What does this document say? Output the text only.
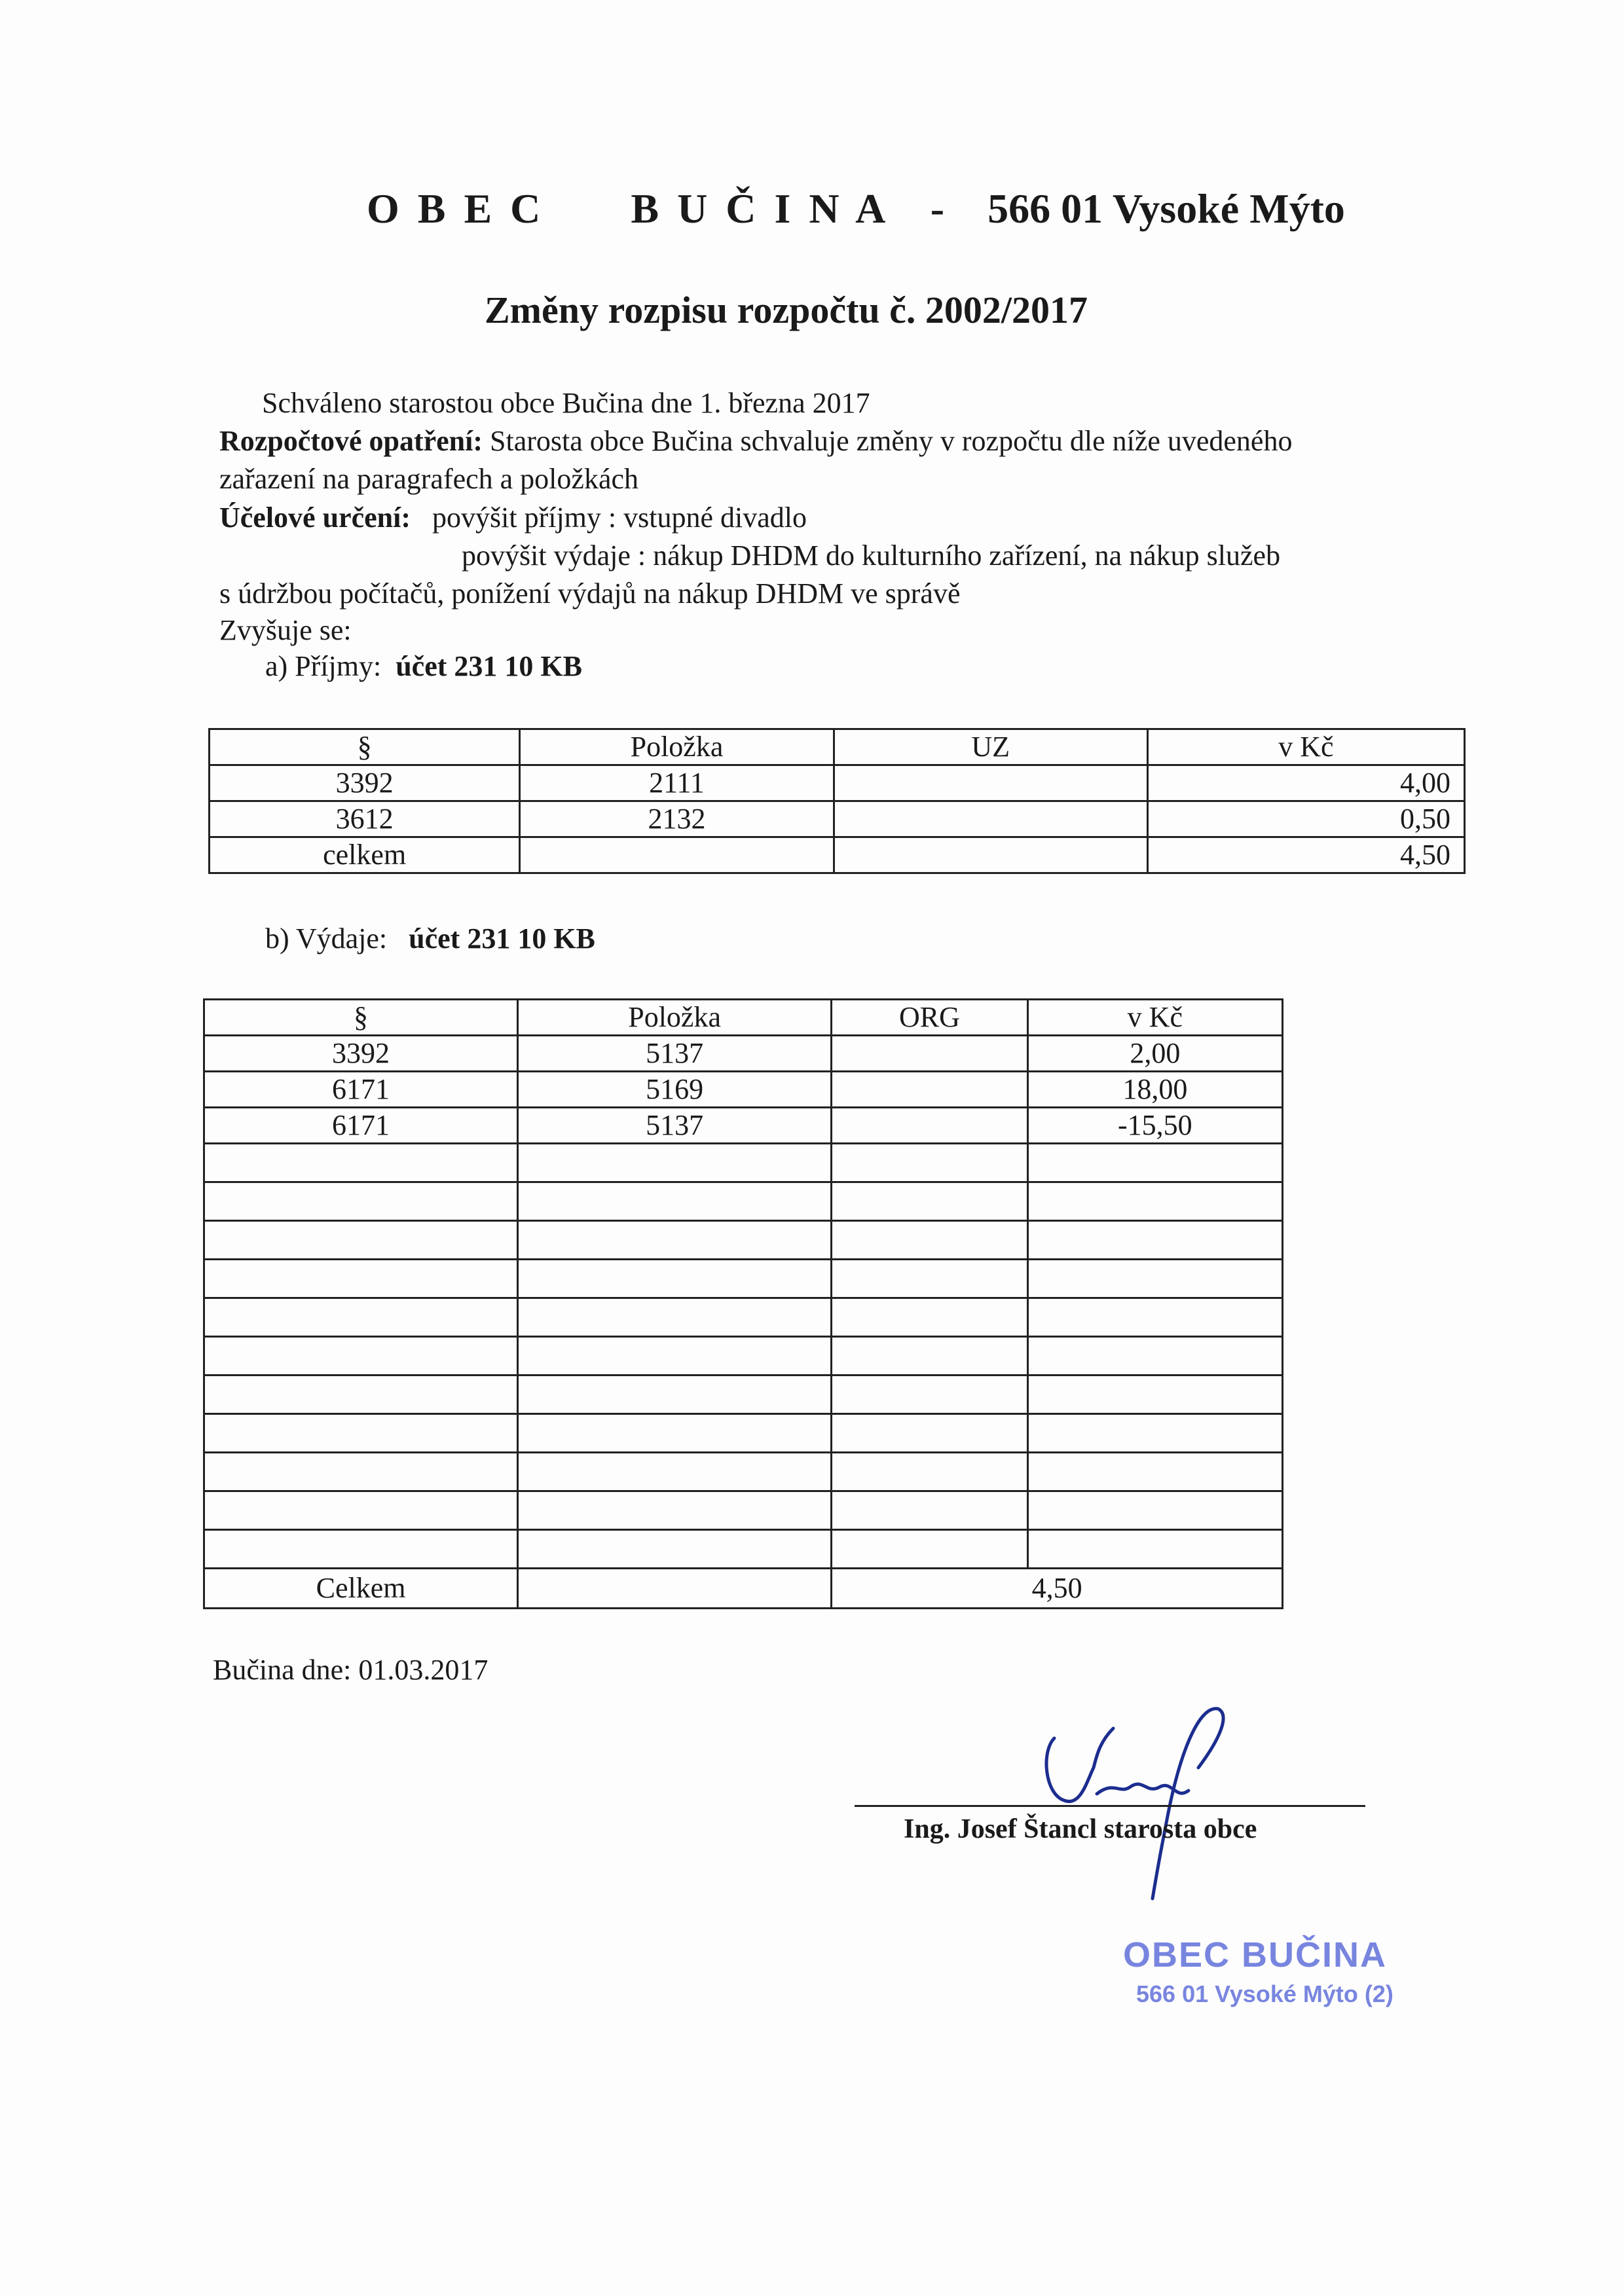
O B E C B U Č I N A - 566 01 Vysoké Mýto
Změny rozpisu rozpočtu č. 2002/2017
Schváleno starostou obce Bučina dne 1. března 2017
Rozpočtové opatření: Starosta obce Bučina schvaluje změny v rozpočtu dle níže uvedeného
zařazení na paragrafech a položkách
Účelové určení: povýšit příjmy : vstupné divadlo
povýšit výdaje : nákup DHDM do kulturního zařízení, na nákup služeb
s údržbou počítačů, ponížení výdajů na nákup DHDM ve správě
Zvyšuje se:
a) Příjmy: účet 231 10 KB
§	Položka	UZ	v Kč
3392	2111		4,00
3612	2132		0,50
celkem			4,50
b) Výdaje: účet 231 10 KB
§	Položka	ORG	v Kč
3392	5137		2,00
6171	5169		18,00
6171	5137		-15,50

Celkem		4,50	
Bučina dne: 01.03.2017
Ing. Josef Štancl starosta obce
OBEC BUČINA
566 01 Vysoké Mýto (2)
